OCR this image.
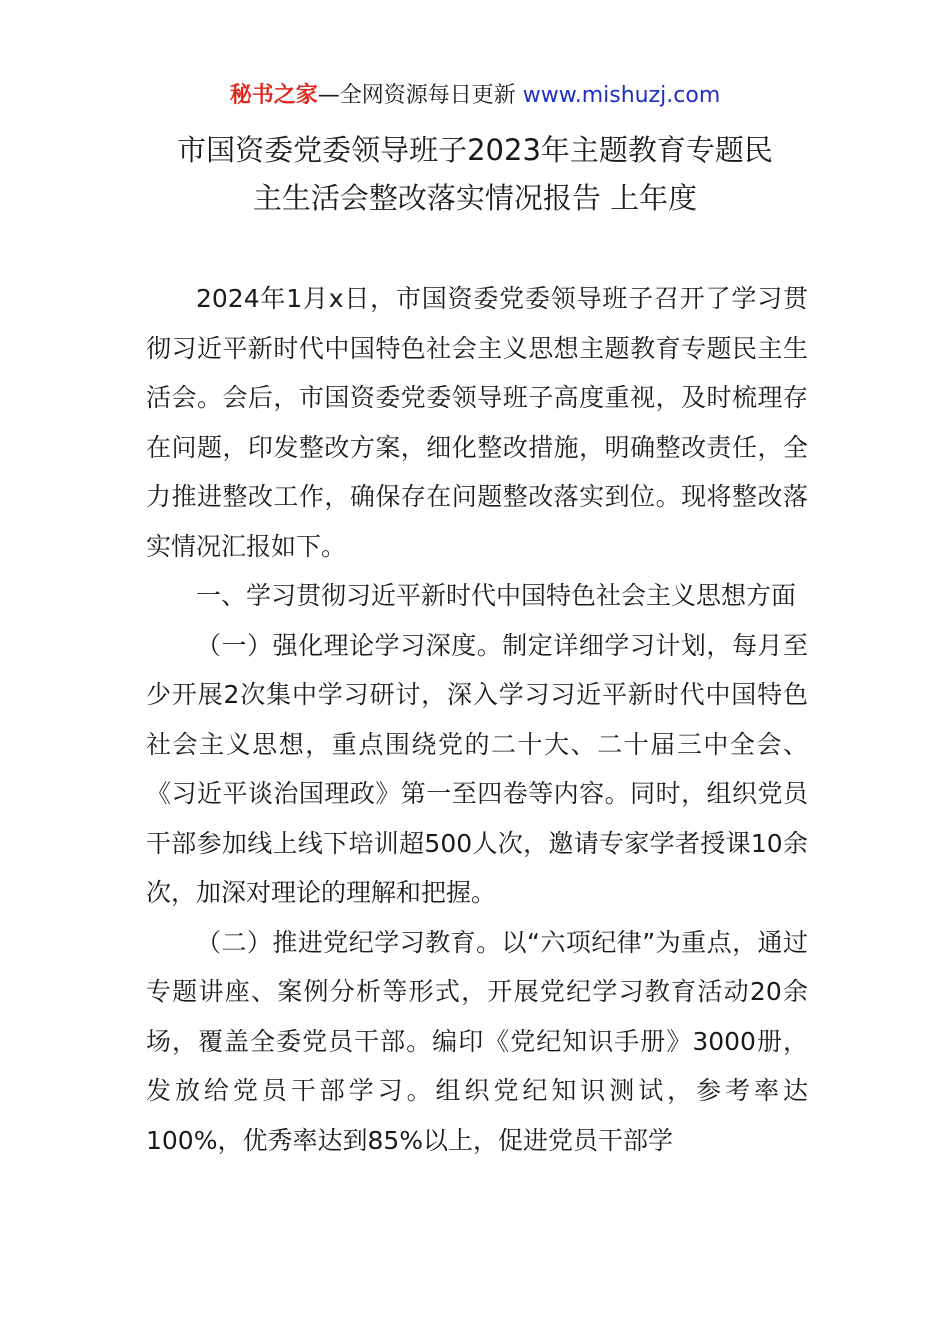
秘书之家—全网资源每日更新 www.mishuzj.com
市国资委党委领导班子2023年主题教育专题民
主生活会整改落实情况报告 上年度

2024年1月x日，市国资委党委领导班子召开了学习贯彻习近平新时代中国特色社会主义思想主题教育专题民主生活会。会后，市国资委党委领导班子高度重视，及时梳理存在问题，印发整改方案，细化整改措施，明确整改责任，全力推进整改工作，确保存在问题整改落实到位。现将整改落实情况汇报如下。

一、学习贯彻习近平新时代中国特色社会主义思想方面

（一）强化理论学习深度。制定详细学习计划，每月至少开展2次集中学习研讨，深入学习习近平新时代中国特色社会主义思想，重点围绕党的二十大、二十届三中全会、《习近平谈治国理政》第一至四卷等内容。同时，组织党员干部参加线上线下培训超500人次，邀请专家学者授课10余次，加深对理论的理解和把握。

（二）推进党纪学习教育。以“六项纪律”为重点，通过专题讲座、案例分析等形式，开展党纪学习教育活动20余场，覆盖全委党员干部。编印《党纪知识手册》3000册，发放给党员干部学习。组织党纪知识测试，参考率达100%，优秀率达到85%以上，促进党员干部学
